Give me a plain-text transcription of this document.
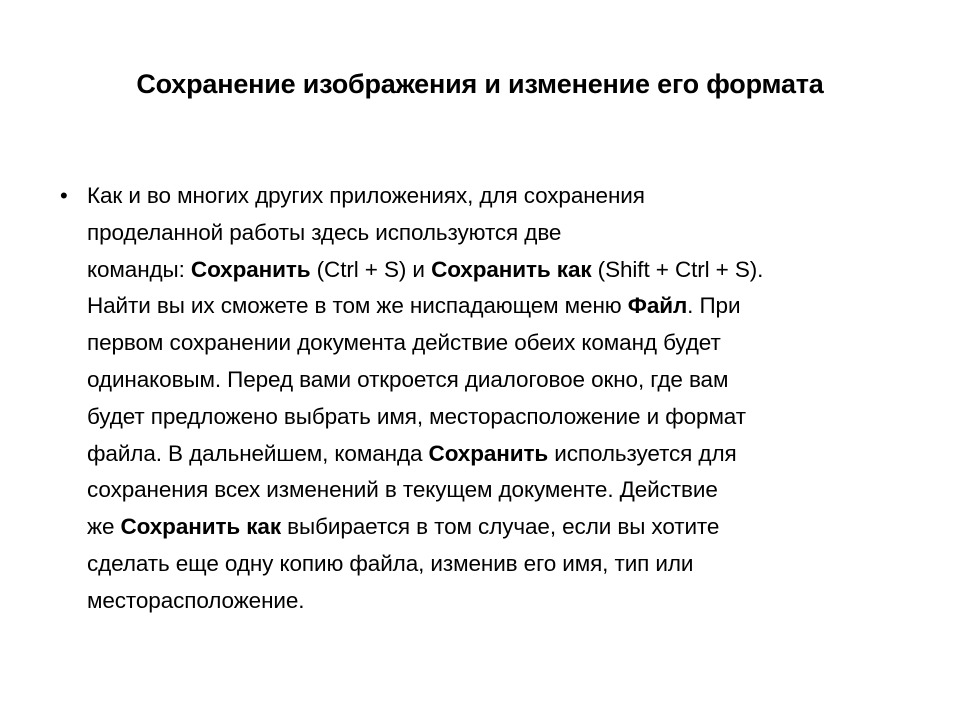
Сохранение изображения и изменение его формата
• Как и во многих других приложениях, для сохранения
проделанной работы здесь используются две
команды: Сохранить (Ctrl + S) и Сохранить как (Shift + Ctrl + S).
Найти вы их сможете в том же ниспадающем меню Файл. При
первом сохранении документа действие обеих команд будет
одинаковым. Перед вами откроется диалоговое окно, где вам
будет предложено выбрать имя, месторасположение и формат
файла. В дальнейшем, команда Сохранить используется для
сохранения всех изменений в текущем документе. Действие
же Сохранить как выбирается в том случае, если вы хотите
сделать еще одну копию файла, изменив его имя, тип или
месторасположение.
